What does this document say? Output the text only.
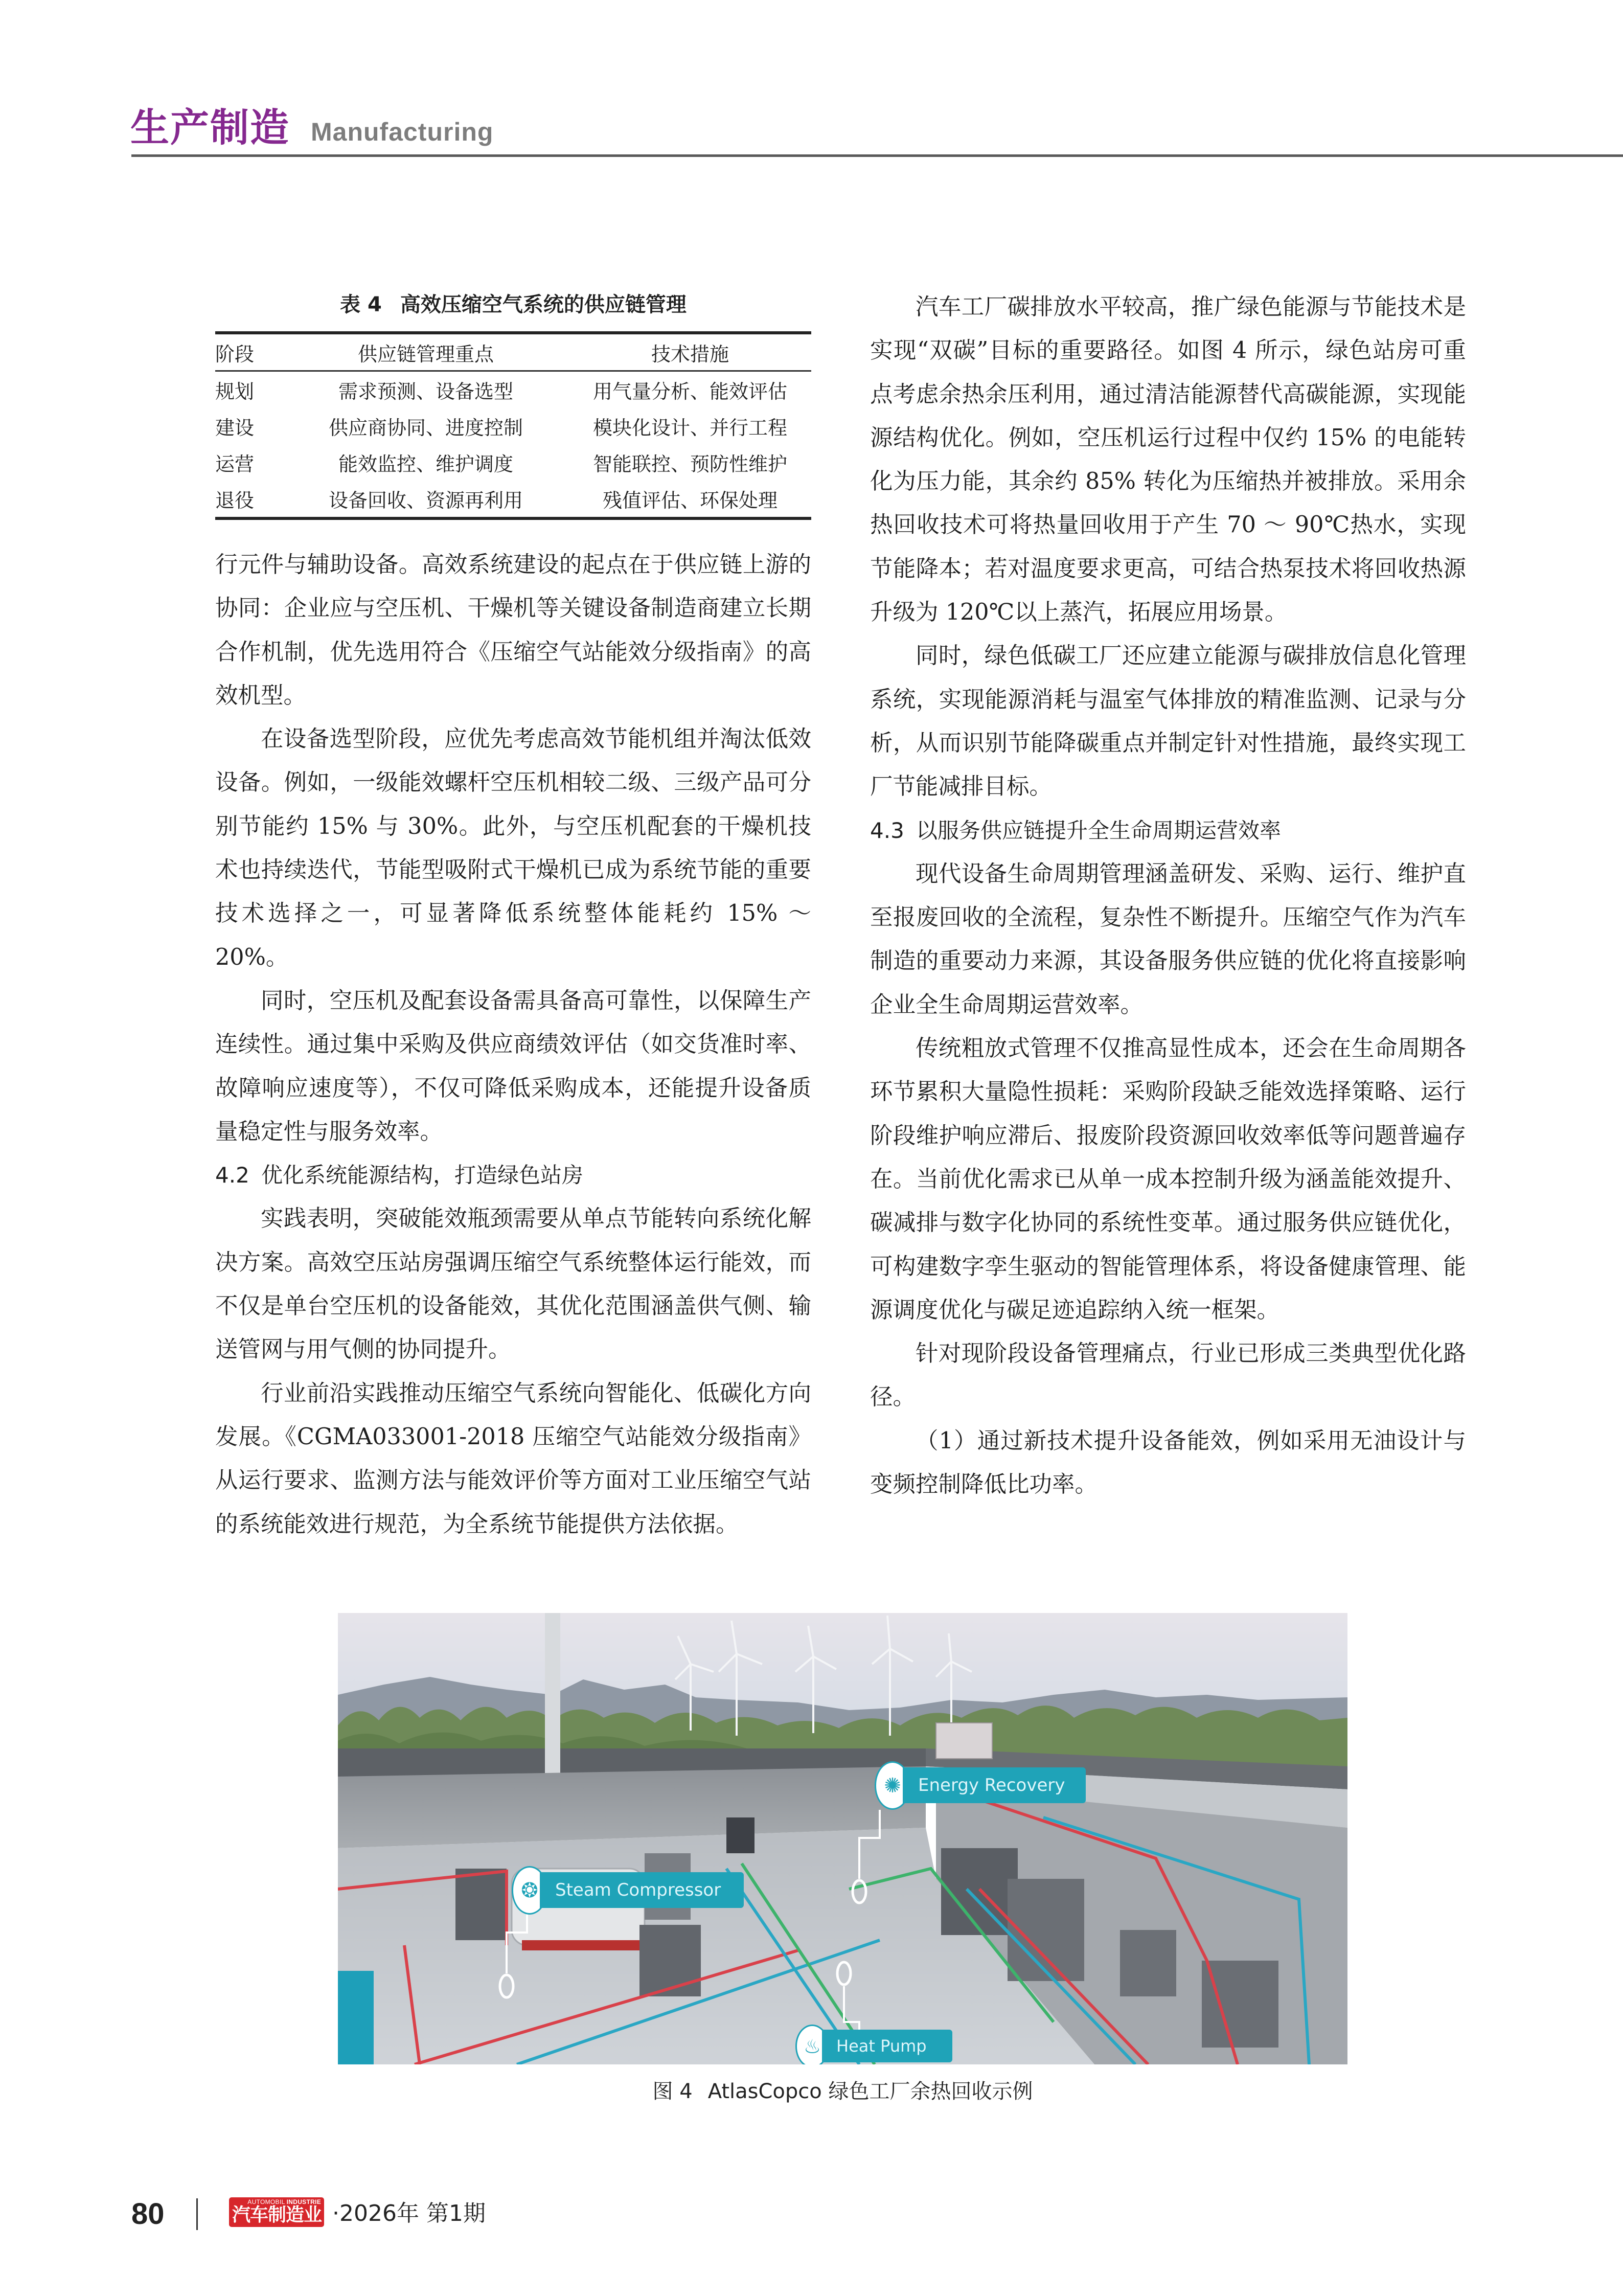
生产制造 Manufacturing
表 4 高效压缩空气系统的供应链管理
阶段	供应链管理重点	技术措施
规划	需求预测、设备选型	用气量分析、能效评估
建设	供应商协同、进度控制	模块化设计、并行工程
运营	能效监控、维护调度	智能联控、预防性维护
退役	设备回收、资源再利用	残值评估、环保处理

行元件与辅助设备。高效系统建设的起点在于供应链上游的协同：企业应与空压机、干燥机等关键设备制造商建立长期合作机制，优先选用符合《压缩空气站能效分级指南》的高效机型。

在设备选型阶段，应优先考虑高效节能机组并淘汰低效设备。例如，一级能效螺杆空压机相较二级、三级产品可分别节能约 15% 与 30%。此外，与空压机配套的干燥机技术也持续迭代，节能型吸附式干燥机已成为系统节能的重要技术选择之一，可显著降低系统整体能耗约 15% ～ 20%。

同时，空压机及配套设备需具备高可靠性，以保障生产连续性。通过集中采购及供应商绩效评估（如交货准时率、故障响应速度等），不仅可降低采购成本，还能提升设备质量稳定性与服务效率。

4.2 优化系统能源结构，打造绿色站房

实践表明，突破能效瓶颈需要从单点节能转向系统化解决方案。高效空压站房强调压缩空气系统整体运行能效，而不仅是单台空压机的设备能效，其优化范围涵盖供气侧、输送管网与用气侧的协同提升。

行业前沿实践推动压缩空气系统向智能化、低碳化方向发展。《CGMA033001-2018 压缩空气站能效分级指南》从运行要求、监测方法与能效评价等方面对工业压缩空气站的系统能效进行规范，为全系统节能提供方法依据。

汽车工厂碳排放水平较高，推广绿色能源与节能技术是实现“双碳”目标的重要路径。如图 4 所示，绿色站房可重点考虑余热余压利用，通过清洁能源替代高碳能源，实现能源结构优化。例如，空压机运行过程中仅约 15% 的电能转化为压力能，其余约 85% 转化为压缩热并被排放。采用余热回收技术可将热量回收用于产生 70 ～ 90℃热水，实现节能降本；若对温度要求更高，可结合热泵技术将回收热源升级为 120℃以上蒸汽，拓展应用场景。

同时，绿色低碳工厂还应建立能源与碳排放信息化管理系统，实现能源消耗与温室气体排放的精准监测、记录与分析，从而识别节能降碳重点并制定针对性措施，最终实现工厂节能减排目标。

4.3 以服务供应链提升全生命周期运营效率

现代设备生命周期管理涵盖研发、采购、运行、维护直至报废回收的全流程，复杂性不断提升。压缩空气作为汽车制造的重要动力来源，其设备服务供应链的优化将直接影响企业全生命周期运营效率。

传统粗放式管理不仅推高显性成本，还会在生命周期各环节累积大量隐性损耗：采购阶段缺乏能效选择策略、运行阶段维护响应滞后、报废阶段资源回收效率低等问题普遍存在。当前优化需求已从单一成本控制升级为涵盖能效提升、碳减排与数字化协同的系统性变革。通过服务供应链优化，可构建数字孪生驱动的智能管理体系，将设备健康管理、能源调度优化与碳足迹追踪纳入统一框架。

针对现阶段设备管理痛点，行业已形成三类典型优化路径。

（1）通过新技术提升设备能效，例如采用无油设计与变频控制降低比功率。

✺ Energy Recovery
❂ Steam Compressor
♨ Heat Pump
图 4 AtlasCopco 绿色工厂余热回收示例
80	AUTOMOBIL INDUSTRIE
汽车制造业 ·2026年 第1期
